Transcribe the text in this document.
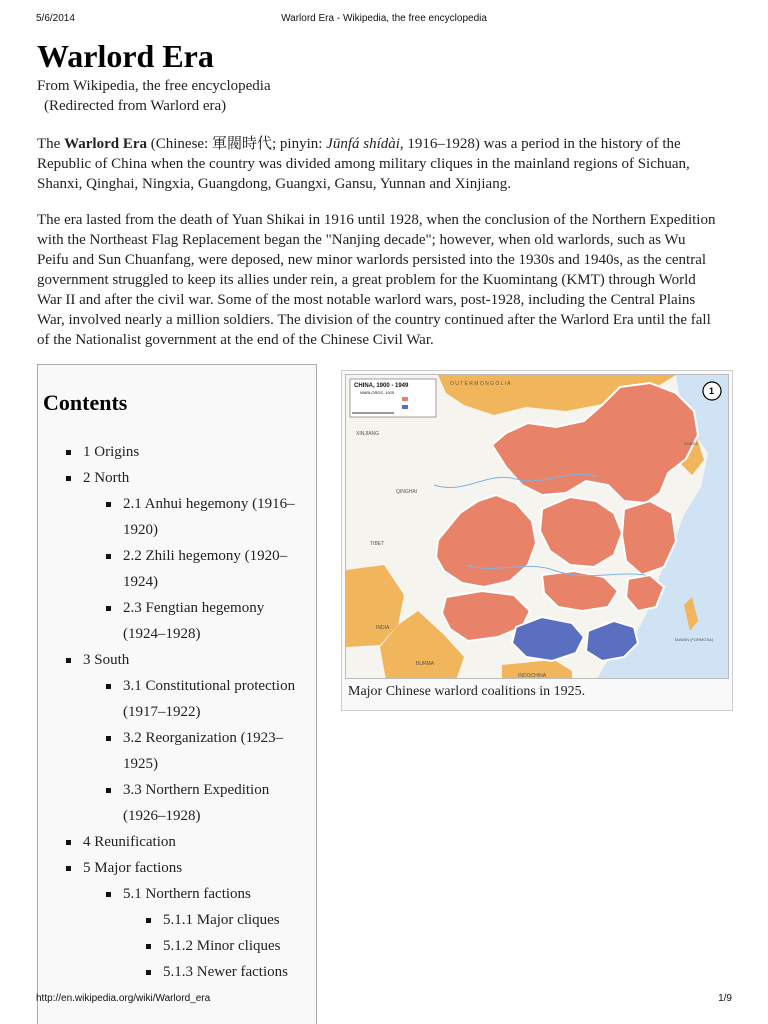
5/6/2014	Warlord Era - Wikipedia, the free encyclopedia
Warlord Era
From Wikipedia, the free encyclopedia
(Redirected from Warlord era)

The Warlord Era (Chinese: 軍閥時代; pinyin: Jūnfá shídài, 1916–1928) was a period in the history of the Republic of China when the country was divided among military cliques in the mainland regions of Sichuan, Shanxi, Qinghai, Ningxia, Guangdong, Guangxi, Gansu, Yunnan and Xinjiang.

The era lasted from the death of Yuan Shikai in 1916 until 1928, when the conclusion of the Northern Expedition with the Northeast Flag Replacement began the "Nanjing decade"; however, when old warlords, such as Wu Peifu and Sun Chuanfang, were deposed, new minor warlords persisted into the 1930s and 1940s, as the central government struggled to keep its allies under rein, a great problem for the Kuomintang (KMT) through World War II and after the civil war. Some of the most notable warlord wars, post-1928, including the Central Plains War, involved nearly a million soldiers. The division of the country continued after the Warlord Era until the fall of the Nationalist government at the end of the Chinese Civil War.

Contents
1 Origins
2 North
2.1 Anhui hegemony (1916–1920)
2.2 Zhili hegemony (1920–1924)
2.3 Fengtian hegemony (1924–1928)
3 South
3.1 Constitutional protection (1917–1922)
3.2 Reorganization (1923–1925)
3.3 Northern Expedition (1926–1928)
4 Reunification
5 Major factions
5.1 Northern factions
5.1.1 Major cliques
5.1.2 Minor cliques
5.1.3 Newer factions
CHINA, 1900 - 1949
WARLORDS, 1925	1
O U T E R M O N G O L I A
XINJIANG
QINGHAI
TIBET
INDIA
BURMA
INDOCHINA
TAIWAN (FORMOSA)
KOREA
Major Chinese warlord coalitions in 1925.
http://en.wikipedia.org/wiki/Warlord_era	1/9
